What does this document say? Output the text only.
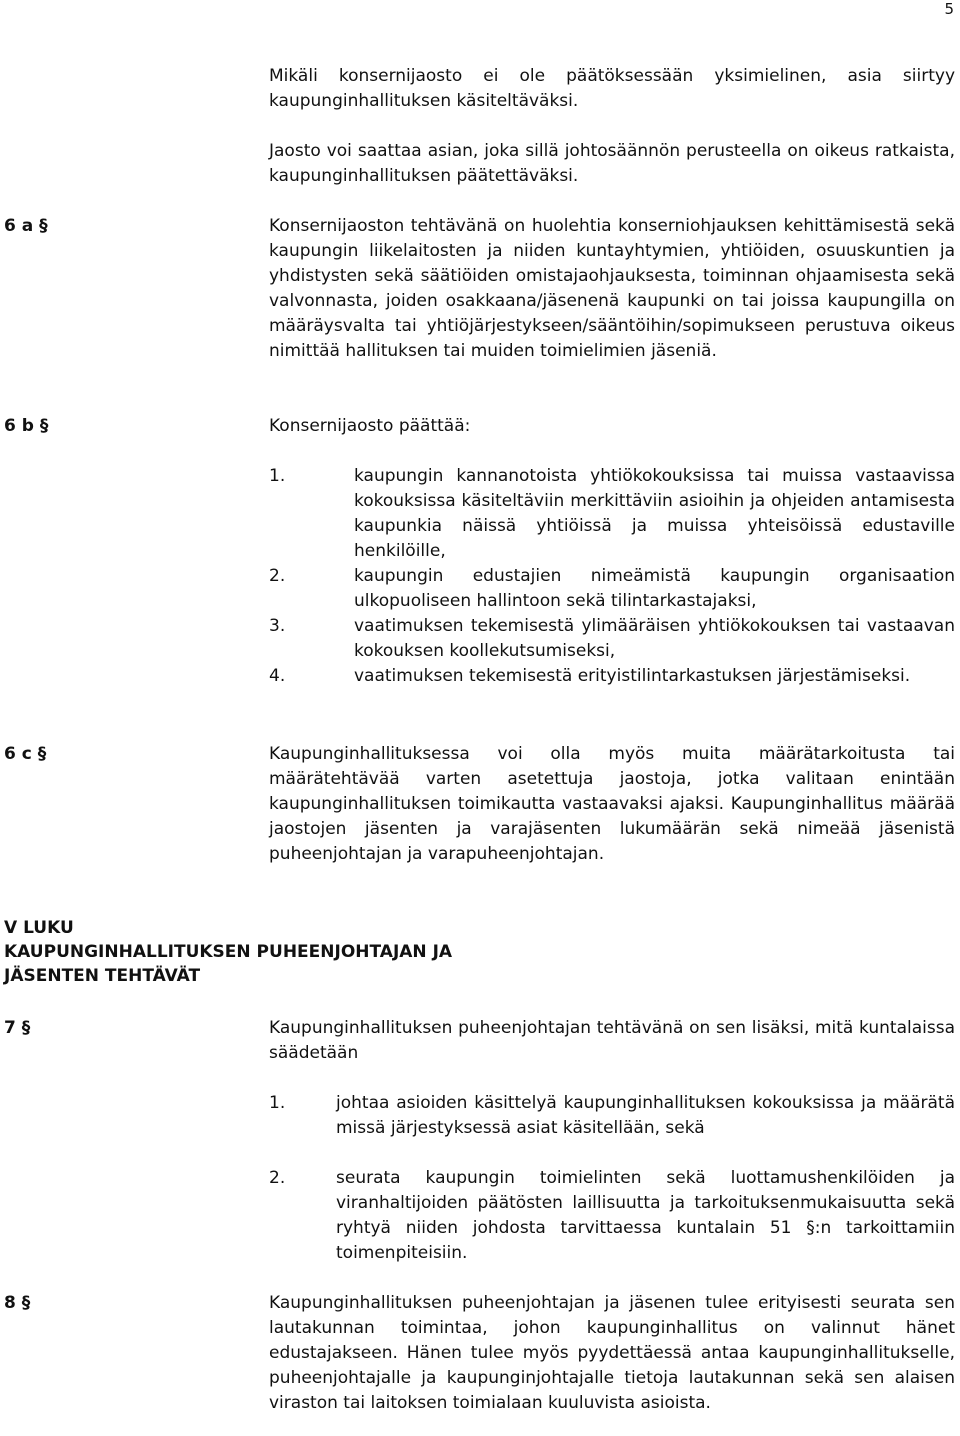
5
Mikäli konsernijaosto ei ole päätöksessään yksimielinen, asia siirtyy kaupunginhallituksen käsiteltäväksi.
Jaosto voi saattaa asian, joka sillä johtosäännön perusteella on oikeus ratkaista, kaupunginhallituksen päätettäväksi.
6 a §	Konsernijaoston tehtävänä on huolehtia konserniohjauksen kehittämisestä sekä kaupungin liikelaitosten ja niiden kuntayhtymien, yhtiöiden, osuuskuntien ja yhdistysten sekä säätiöiden omistajaohjauksesta, toiminnan ohjaamisesta sekä valvonnasta, joiden osakkaana/jäsenenä kaupunki on tai joissa kaupungilla on määräysvalta tai yhtiöjärjestykseen/sääntöihin/sopimukseen perustuva oikeus nimittää hallituksen tai muiden toimielimien jäseniä.
6 b §	Konsernijaosto päättää:
1.	kaupungin kannanotoista yhtiökokouksissa tai muissa vastaavissa kokouksissa käsiteltäviin merkittäviin asioihin ja ohjeiden antamisesta kaupunkia näissä yhtiöissä ja muissa yhteisöissä edustaville henkilöille,
2.	kaupungin edustajien nimeämistä kaupungin organisaation ulkopuoliseen hallintoon sekä tilintarkastajaksi,
3.	vaatimuksen tekemisestä ylimääräisen yhtiökokouksen tai vastaavan kokouksen koollekutsumiseksi,
4.	vaatimuksen tekemisestä erityistilintarkastuksen järjestämiseksi.
6 c §	Kaupunginhallituksessa voi olla myös muita määrätarkoitusta tai määrätehtävää varten asetettuja jaostoja, jotka valitaan enintään kaupunginhallituksen toimikautta vastaavaksi ajaksi. Kaupunginhallitus määrää jaostojen jäsenten ja varajäsenten lukumäärän sekä nimeää jäsenistä puheenjohtajan ja varapuheenjohtajan.
V LUKU
KAUPUNGINHALLITUKSEN PUHEENJOHTAJAN JA
JÄSENTEN TEHTÄVÄT
7 §	Kaupunginhallituksen puheenjohtajan tehtävänä on sen lisäksi, mitä kuntalaissa säädetään
1.	johtaa asioiden käsittelyä kaupunginhallituksen kokouksissa ja määrätä missä järjestyksessä asiat käsitellään, sekä
2.	seurata kaupungin toimielinten sekä luottamushenkilöiden ja viranhaltijoiden päätösten laillisuutta ja tarkoituksenmukaisuutta sekä ryhtyä niiden johdosta tarvittaessa kuntalain 51 §:n tarkoittamiin toimenpiteisiin.
8 §	Kaupunginhallituksen puheenjohtajan ja jäsenen tulee erityisesti seurata sen lautakunnan toimintaa, johon kaupunginhallitus on valinnut hänet edustajakseen. Hänen tulee myös pyydettäessä antaa kaupunginhallitukselle, puheenjohtajalle ja kaupunginjohtajalle tietoja lautakunnan sekä sen alaisen viraston tai laitoksen toimialaan kuuluvista asioista.
